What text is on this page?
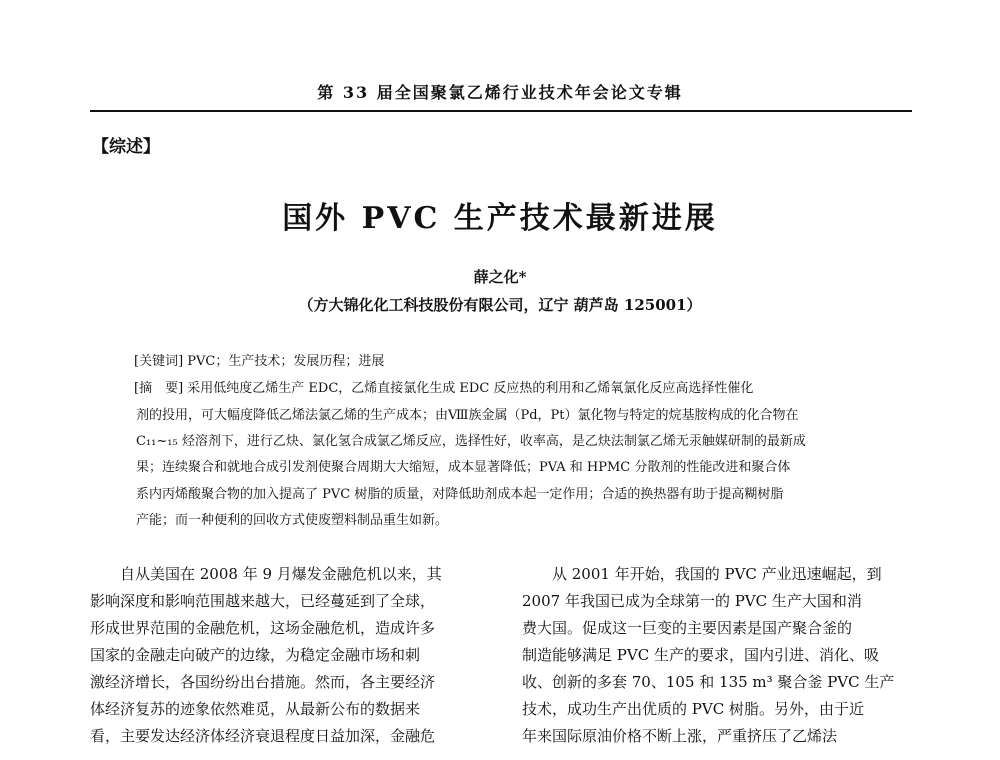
第 33 届全国聚氯乙烯行业技术年会论文专辑
【综述】
国外 PVC 生产技术最新进展
薛之化*
（方大锦化化工科技股份有限公司，辽宁 葫芦岛 125001）
[关键词] PVC；生产技术；发展历程；进展
[摘　要] 采用低纯度乙烯生产 EDC，乙烯直接氯化生成 EDC 反应热的利用和乙烯氧氯化反应高选择性催化
剂的投用，可大幅度降低乙烯法氯乙烯的生产成本；由Ⅷ族金属（Pd，Pt）氯化物与特定的烷基胺构成的化合物在
C₁₁~₁₅ 烃溶剂下，进行乙炔、氯化氢合成氯乙烯反应，选择性好，收率高，是乙炔法制氯乙烯无汞触媒研制的最新成
果；连续聚合和就地合成引发剂使聚合周期大大缩短，成本显著降低；PVA 和 HPMC 分散剂的性能改进和聚合体
系内丙烯酸聚合物的加入提高了 PVC 树脂的质量，对降低助剂成本起一定作用；合适的换热器有助于提高糊树脂
产能；而一种便利的回收方式使废塑料制品重生如新。
　　自从美国在 2008 年 9 月爆发金融危机以来，其
影响深度和影响范围越来越大，已经蔓延到了全球，
形成世界范围的金融危机，这场金融危机，造成许多
国家的金融走向破产的边缘，为稳定金融市场和刺
激经济增长，各国纷纷出台措施。然而，各主要经济
体经济复苏的迹象依然难觅，从最新公布的数据来
看，主要发达经济体经济衰退程度日益加深，金融危
　　从 2001 年开始，我国的 PVC 产业迅速崛起，到
2007 年我国已成为全球第一的 PVC 生产大国和消
费大国。促成这一巨变的主要因素是国产聚合釜的
制造能够满足 PVC 生产的要求，国内引进、消化、吸
收、创新的多套 70、105 和 135 m³ 聚合釜 PVC 生产
技术，成功生产出优质的 PVC 树脂。另外，由于近
年来国际原油价格不断上涨，严重挤压了乙烯法
